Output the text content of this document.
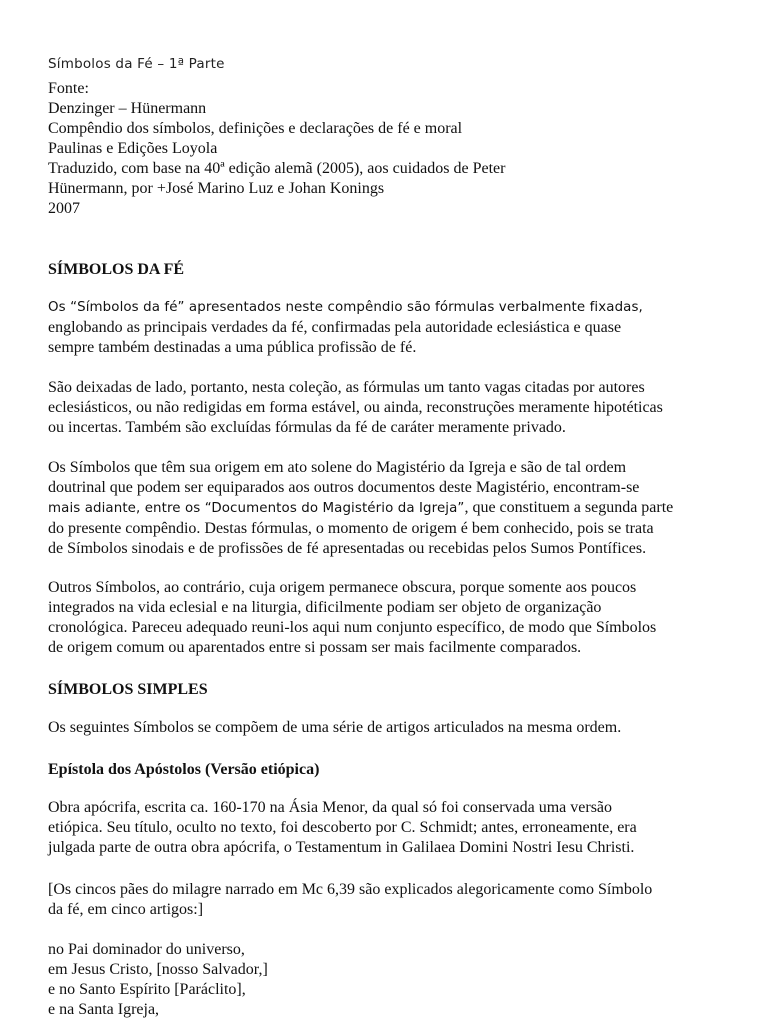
Símbolos da Fé – 1ª Parte
Fonte:
Denzinger – Hünermann
Compêndio dos símbolos, definições e declarações de fé e moral
Paulinas e Edições Loyola
Traduzido, com base na 40ª edição alemã (2005), aos cuidados de Peter
Hünermann, por +José Marino Luz e Johan Konings
2007
SÍMBOLOS DA FÉ
Os “Símbolos da fé” apresentados neste compêndio são fórmulas verbalmente fixadas,
englobando as principais verdades da fé, confirmadas pela autoridade eclesiástica e quase
sempre também destinadas a uma pública profissão de fé.
São deixadas de lado, portanto, nesta coleção, as fórmulas um tanto vagas citadas por autores
eclesiásticos, ou não redigidas em forma estável, ou ainda, reconstruções meramente hipotéticas
ou incertas. Também são excluídas fórmulas da fé de caráter meramente privado.
Os Símbolos que têm sua origem em ato solene do Magistério da Igreja e são de tal ordem
doutrinal que podem ser equiparados aos outros documentos deste Magistério, encontram-se
mais adiante, entre os “Documentos do Magistério da Igreja”, que constituem a segunda parte
do presente compêndio. Destas fórmulas, o momento de origem é bem conhecido, pois se trata
de Símbolos sinodais e de profissões de fé apresentadas ou recebidas pelos Sumos Pontífices.
Outros Símbolos, ao contrário, cuja origem permanece obscura, porque somente aos poucos
integrados na vida eclesial e na liturgia, dificilmente podiam ser objeto de organização
cronológica. Pareceu adequado reuni-los aqui num conjunto específico, de modo que Símbolos
de origem comum ou aparentados entre si possam ser mais facilmente comparados.
SÍMBOLOS SIMPLES
Os seguintes Símbolos se compõem de uma série de artigos articulados na mesma ordem.
Epístola dos Apóstolos (Versão etiópica)
Obra apócrifa, escrita ca. 160-170 na Ásia Menor, da qual só foi conservada uma versão
etiópica. Seu título, oculto no texto, foi descoberto por C. Schmidt; antes, erroneamente, era
julgada parte de outra obra apócrifa, o Testamentum in Galilaea Domini Nostri Iesu Christi.
[Os cincos pães do milagre narrado em Mc 6,39 são explicados alegoricamente como Símbolo
da fé, em cinco artigos:]
no Pai dominador do universo,
em Jesus Cristo, [nosso Salvador,]
e no Santo Espírito [Paráclito],
e na Santa Igreja,
